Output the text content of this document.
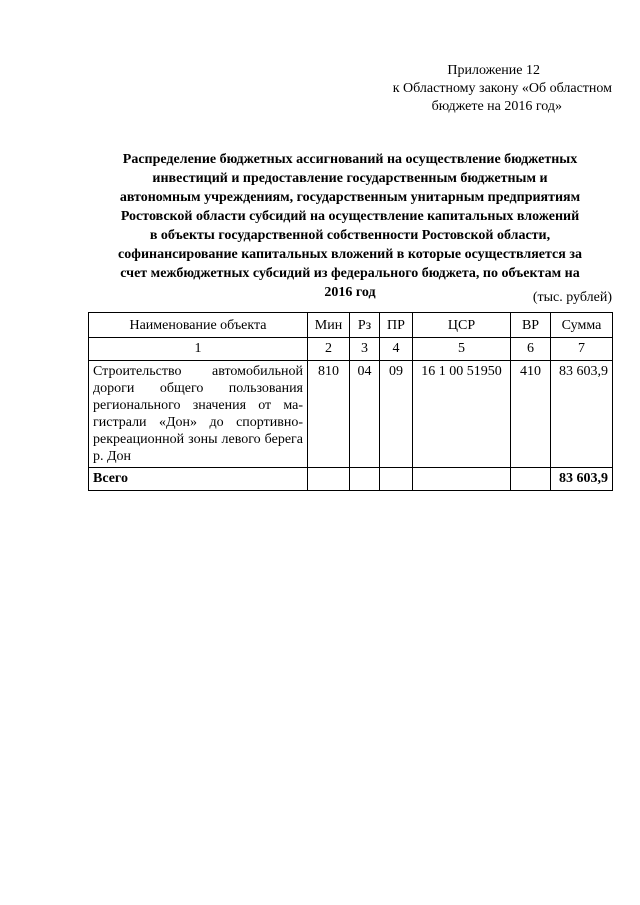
Приложение 12
к Областному закону «Об областном
бюджете на 2016 год»
Распределение бюджетных ассигнований на осуществление бюджетных
инвестиций и предоставление государственным бюджетным и
автономным учреждениям, государственным унитарным предприятиям
Ростовской области субсидий на осуществление капитальных вложений
в объекты государственной собственности Ростовской области,
софинансирование капитальных вложений в которые осуществляется за
счет межбюджетных субсидий из федерального бюджета, по объектам на
2016 год	(тыс. рублей)
Наименование объекта	Мин	Рз	ПР	ЦСР	ВР	Сумма
1	2	3	4	5	6	7
Строительство автомобильной дороги общего пользования регионального значения от магистрали «Дон» до спортивно-рекреационной зоны левого берега р. Дон	810	04	09	16 1 00 51950	410	83 603,9
Всего						83 603,9
